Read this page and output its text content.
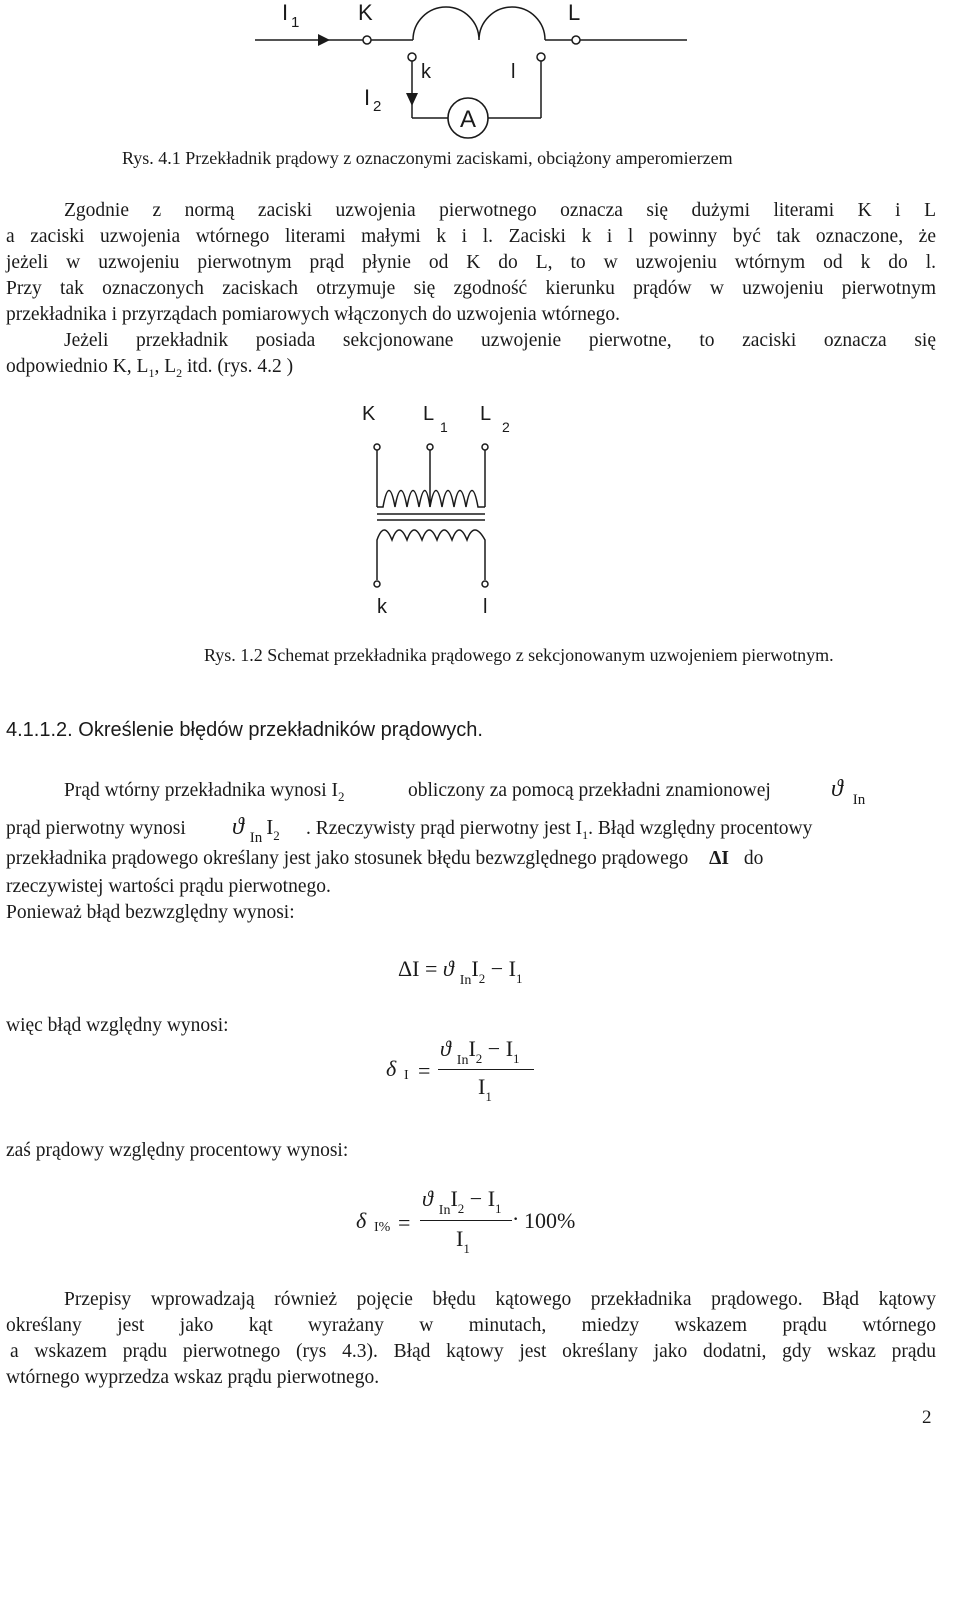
I 1	K	L
k	l
I 2	A
Rys. 4.1 Przekładnik prądowy z oznaczonymi zaciskami, obciążony amperomierzem
Zgodnie z normą zaciski uzwojenia pierwotnego oznacza się dużymi literami K i L
a zaciski uzwojenia wtórnego literami małymi k i l. Zaciski k i l powinny być tak oznaczone, że
jeżeli w uzwojeniu pierwotnym prąd płynie od K do L, to w uzwojeniu wtórnym od k do l.
Przy tak oznaczonych zaciskach otrzymuje się zgodność kierunku prądów w uzwojeniu pierwotnym
przekładnika i przyrządach pomiarowych włączonych do uzwojenia wtórnego.
Jeżeli przekładnik posiada sekcjonowane uzwojenie pierwotne, to zaciski oznacza się
odpowiednio K, $L_1$, $L_2$ itd. (rys. 4.2 )
K L
1
L
2
k	l
Rys. 1.2 Schemat przekładnika prądowego z sekcjonowanym uzwojeniem pierwotnym.
4.1.1.2. Określenie błędów przekładników prądowych.
Prąd wtórny przekładnika wynosi $I_2$	obliczony za pomocą przekładni znamionowej	ϑ In
prąd pierwotny wynosi ϑ In $I_2$ . Rzeczywisty prąd pierwotny jest $I_1$. Błąd względny procentowy
przekładnika prądowego określany jest jako stosunek błędu bezwzględnego prądowego ΔI do
rzeczywistej wartości prądu pierwotnego.
Ponieważ błąd bezwzględny wynosi:
ΔI = ϑ $_{In}I_2 - I_1$
więc błąd względny wynosi:
δ I =
ϑ $_{In}I_2 - I_1$
$I_1$
zaś prądowy względny procentowy wynosi:
δ I% =
ϑ $_{In}I_2 - I_1$
$I_1$
· 100%
Przepisy wprowadzają również pojęcie błędu kątowego przekładnika prądowego. Błąd kątowy
określany jest jako kąt wyrażany w minutach, miedzy wskazem prądu wtórnego
a wskazem prądu pierwotnego (rys 4.3). Błąd kątowy jest określany jako dodatni, gdy wskaz prądu
wtórnego wyprzedza wskaz prądu pierwotnego.
2
